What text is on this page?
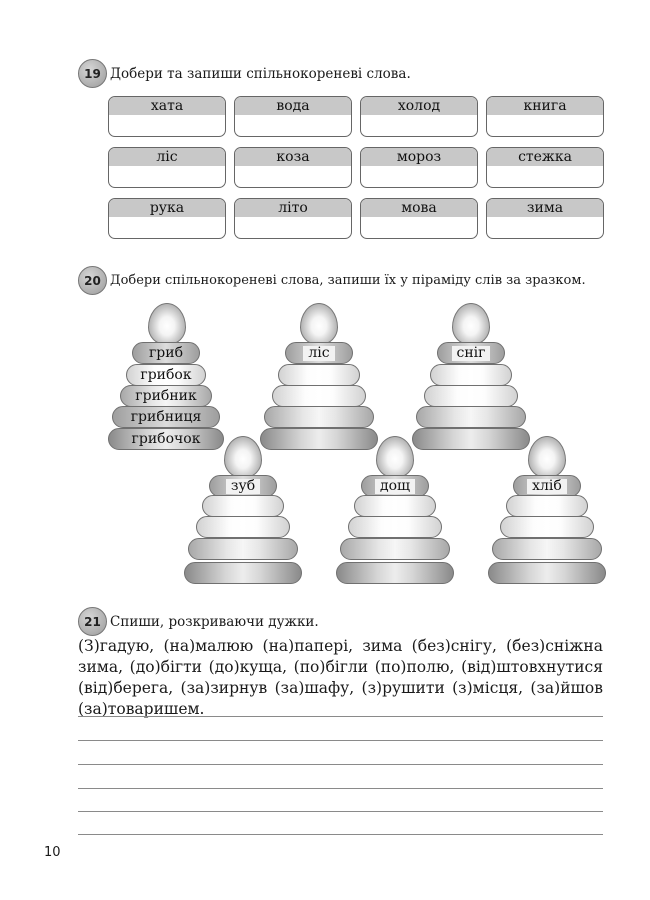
19 Добери та запиши спільнокореневі слова.
хата	вода	холод	книга
ліс	коза	мороз	стежка
рука	літо	мова	зима
20 Добери спільнокореневі слова, запиши їх у піраміду слів за зразком.
гриб
грибок
грибник
грибниця
грибочок
ліс	сніг
зуб	дощ	хліб
21 Спиши, розкриваючи дужки.
(З)гадую, (на)малюю (на)папері, зима (без)снігу, (без)сніжна зима, (до)бігти (до)куща, (по)бігли (по)полю, (від)штовхнутися (від)берега, (за)зирнув (за)шафу, (з)рушити (з)місця, (за)йшов (за)товаришем.
10
